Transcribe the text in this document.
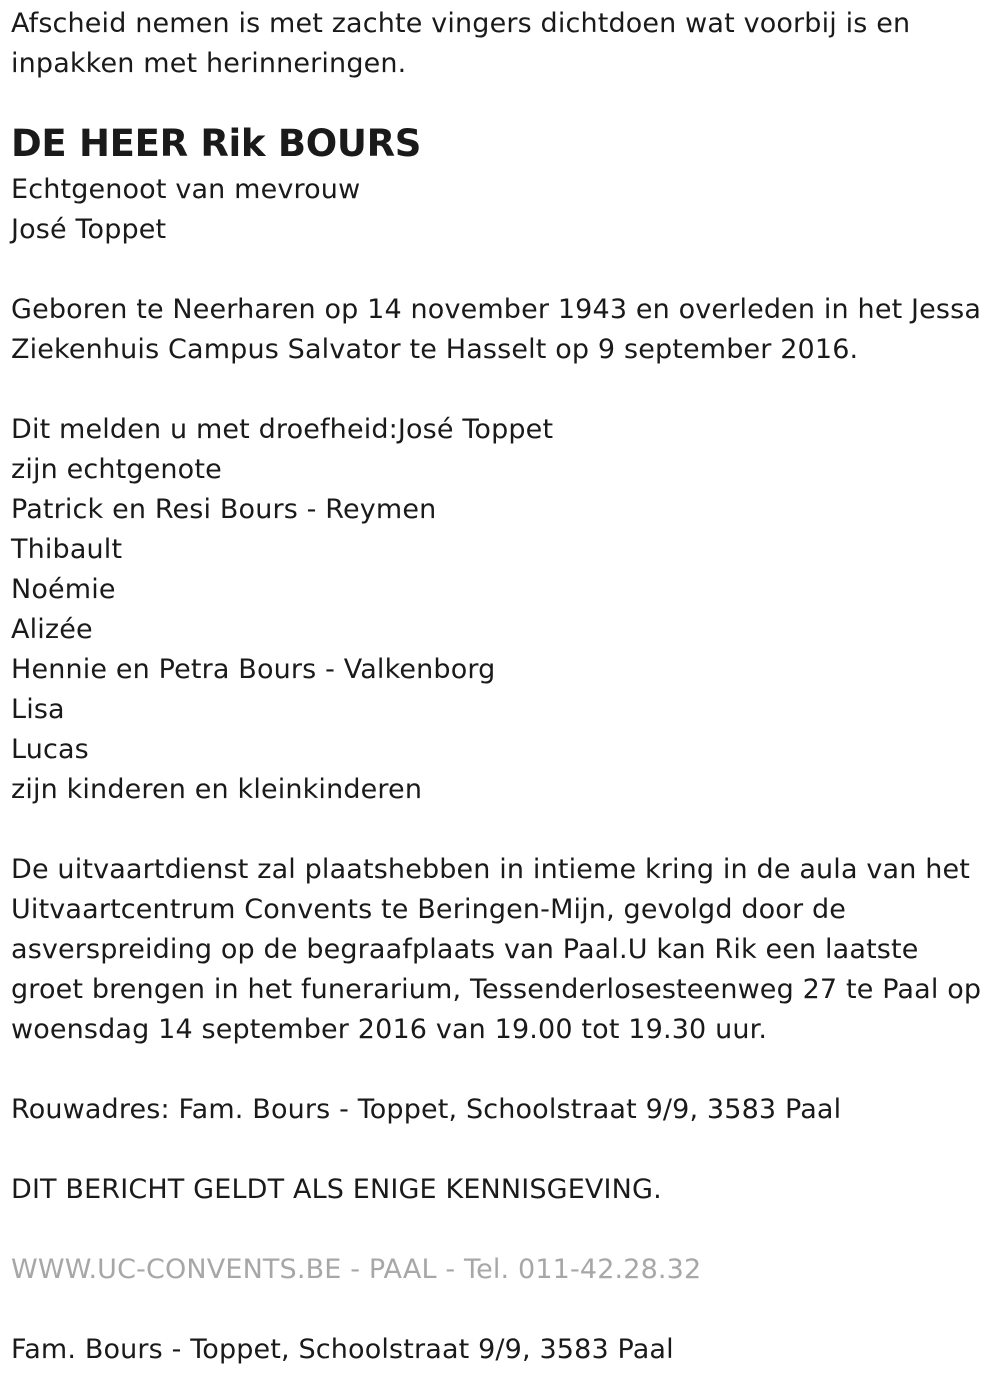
Afscheid nemen is met zachte vingers dichtdoen wat voorbij is en inpakken met herinneringen.

DE HEER Rik BOURS

Echtgenoot van mevrouw

José Toppet

Geboren te Neerharen op 14 november 1943 en overleden in het Jessa Ziekenhuis Campus Salvator te Hasselt op 9 september 2016.

Dit melden u met droefheid:José Toppet

zijn echtgenote

Patrick en Resi Bours - Reymen

Thibault

Noémie

Alizée

Hennie en Petra Bours - Valkenborg

Lisa

Lucas

zijn kinderen en kleinkinderen

De uitvaartdienst zal plaatshebben in intieme kring in de aula van het Uitvaartcentrum Convents te Beringen-Mijn, gevolgd door de asverspreiding op de begraafplaats van Paal.U kan Rik een laatste groet brengen in het funerarium, Tessenderlosesteenweg 27 te Paal op woensdag 14 september 2016 van 19.00 tot 19.30 uur.

Rouwadres: Fam. Bours - Toppet, Schoolstraat 9/9, 3583 Paal

DIT BERICHT GELDT ALS ENIGE KENNISGEVING.

WWW.UC-CONVENTS.BE - PAAL - Tel. 011-42.28.32

Fam. Bours - Toppet, Schoolstraat 9/9, 3583 Paal
